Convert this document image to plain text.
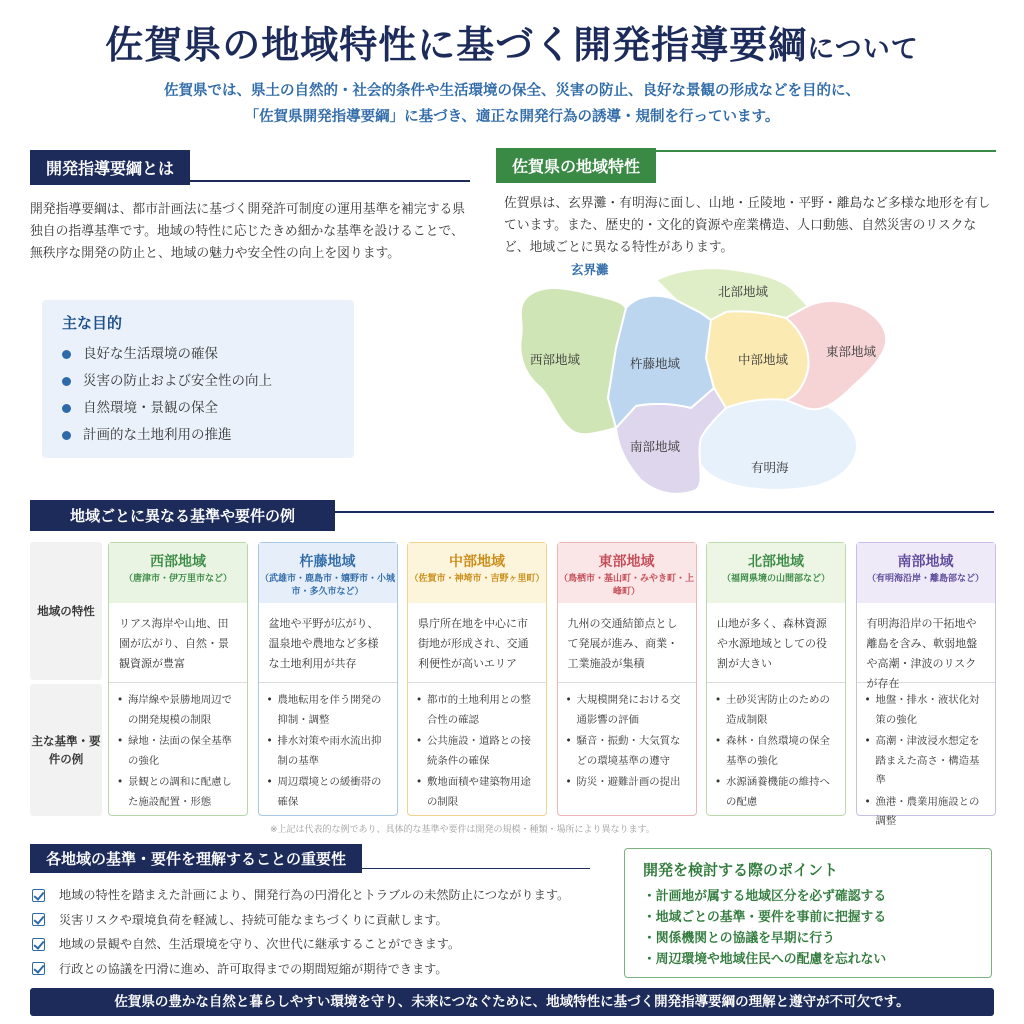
佐賀県の地域特性に基づく開発指導要綱について
佐賀県では、県土の自然的・社会的条件や生活環境の保全、災害の防止、良好な景観の形成などを目的に、
「佐賀県開発指導要綱」に基づき、適正な開発行為の誘導・規制を行っています。
開発指導要綱とは

開発指導要綱は、都市計画法に基づく開発許可制度の運用基準を補完する県独自の指導基準です。地域の特性に応じたきめ細かな基準を設けることで、無秩序な開発の防止と、地域の魅力や安全性の向上を図ります。

主な目的
良好な生活環境の確保
災害の防止および安全性の向上
自然環境・景観の保全
計画的な土地利用の推進
佐賀県の地域特性

佐賀県は、玄界灘・有明海に面し、山地・丘陵地・平野・離島など多様な地形を有しています。また、歴史的・文化的資源や産業構造、人口動態、自然災害のリスクなど、地域ごとに異なる特性があります。

玄界灘
北部地域
西部地域	杵藤地域	中部地域
東部地域
南部地域
有明海
地域ごとに異なる基準や要件の例
地域の特性
主な基準・要件の例
西部地域
（唐津市・伊万里市など）
リアス海岸や山地、田園が広がり、自然・景観資源が豊富
• 海岸線や景勝地周辺での開発規模の制限
• 緑地・法面の保全基準の強化
• 景観との調和に配慮した施設配置・形態
杵藤地域
（武雄市・鹿島市・嬉野市・小城市・多久市など）
盆地や平野が広がり、温泉地や農地など多様な土地利用が共存
• 農地転用を伴う開発の抑制・調整
• 排水対策や雨水流出抑制の基準
• 周辺環境との緩衝帯の確保
中部地域
（佐賀市・神埼市・吉野ヶ里町）
県庁所在地を中心に市街地が形成され、交通利便性が高いエリア
• 都市的土地利用との整合性の確認
• 公共施設・道路との接続条件の確保
• 敷地面積や建築物用途の制限
東部地域
（鳥栖市・基山町・みやき町・上峰町）
九州の交通結節点として発展が進み、商業・工業施設が集積
• 大規模開発における交通影響の評価
• 騒音・振動・大気質などの環境基準の遵守
• 防災・避難計画の提出
北部地域
（福岡県境の山間部など）
山地が多く、森林資源や水源地域としての役割が大きい
• 土砂災害防止のための造成制限
• 森林・自然環境の保全基準の強化
• 水源涵養機能の維持への配慮
南部地域
（有明海沿岸・離島部など）
有明海沿岸の干拓地や離島を含み、軟弱地盤や高潮・津波のリスクが存在
• 地盤・排水・液状化対策の強化
• 高潮・津波浸水想定を踏まえた高さ・構造基準
• 漁港・農業用施設との調整
※上記は代表的な例であり、具体的な基準や要件は開発の規模・種類・場所により異なります。
各地域の基準・要件を理解することの重要性
地域の特性を踏まえた計画により、開発行為の円滑化とトラブルの未然防止につながります。
災害リスクや環境負荷を軽減し、持続可能なまちづくりに貢献します。
地域の景観や自然、生活環境を守り、次世代に継承することができます。
行政との協議を円滑に進め、許可取得までの期間短縮が期待できます。
開発を検討する際のポイント
・計画地が属する地域区分を必ず確認する
・地域ごとの基準・要件を事前に把握する
・関係機関との協議を早期に行う
・周辺環境や地域住民への配慮を忘れない
佐賀県の豊かな自然と暮らしやすい環境を守り、未来につなぐために、地域特性に基づく開発指導要綱の理解と遵守が不可欠です。
